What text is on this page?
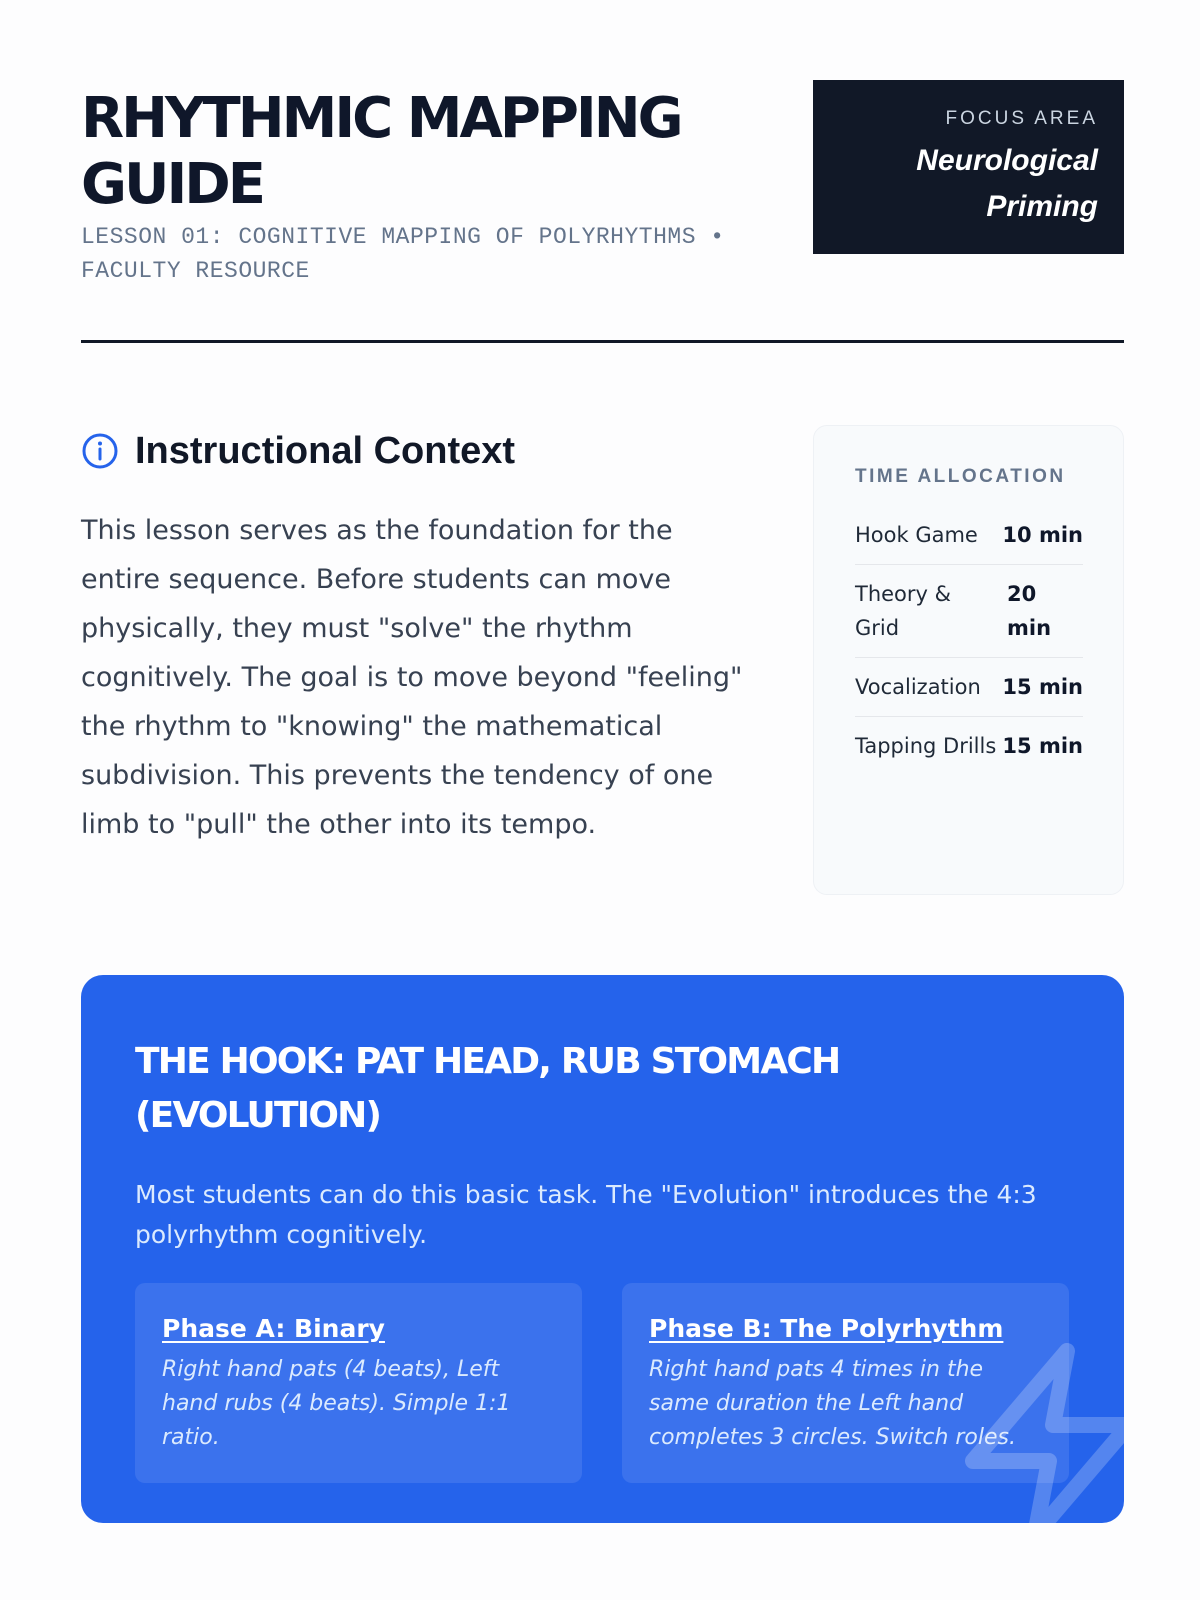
RHYTHMIC MAPPING GUIDE
LESSON 01: COGNITIVE MAPPING OF POLYRHYTHMS • FACULTY RESOURCE
FOCUS AREA
Neurological Priming
Instructional Context

This lesson serves as the foundation for the entire sequence. Before students can move physically, they must "solve" the rhythm cognitively. The goal is to move beyond "feeling" the rhythm to "knowing" the mathematical subdivision. This prevents the tendency of one limb to "pull" the other into its tempo.

TIME ALLOCATION
Hook Game 10 min
Theory & Grid
20 min
Vocalization 15 min
Tapping Drills 15 min
THE HOOK: PAT HEAD, RUB STOMACH (EVOLUTION)

Most students can do this basic task. The "Evolution" introduces the 4:3 polyrhythm cognitively.

Phase A: Binary
Right hand pats (4 beats), Left hand rubs (4 beats). Simple 1:1 ratio.
Phase B: The Polyrhythm
Right hand pats 4 times in the same duration the Left hand completes 3 circles. Switch roles.
